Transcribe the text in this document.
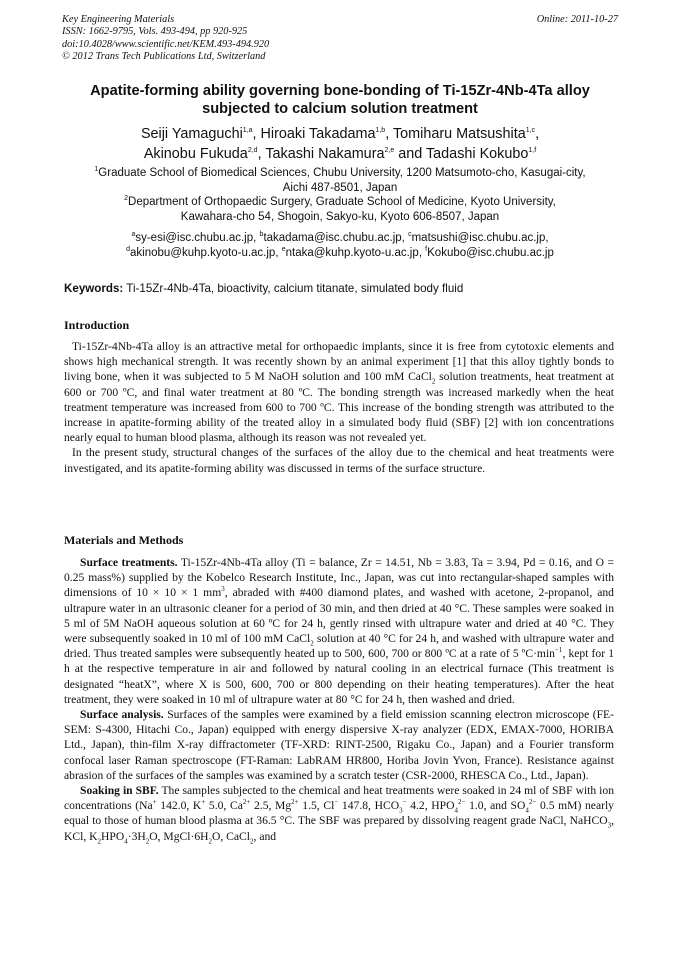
Key Engineering Materials
ISSN: 1662-9795, Vols. 493-494, pp 920-925
doi:10.4028/www.scientific.net/KEM.493-494.920
© 2012 Trans Tech Publications Ltd, Switzerland
Online: 2011-10-27
Apatite-forming ability governing bone-bonding of Ti-15Zr-4Nb-4Ta alloy
subjected to calcium solution treatment
Seiji Yamaguchi$^{1,a}$, Hiroaki Takadama$^{1,b}$, Tomiharu Matsushita$^{1,c}$,
Akinobu Fukuda$^{2,d}$, Takashi Nakamura$^{2,e}$ and Tadashi Kokubo$^{1,f}$
$^1$Graduate School of Biomedical Sciences, Chubu University, 1200 Matsumoto-cho, Kasugai-city,
Aichi 487-8501, Japan
$^2$Department of Orthopaedic Surgery, Graduate School of Medicine, Kyoto University,
Kawahara-cho 54, Shogoin, Sakyo-ku, Kyoto 606-8507, Japan
$^a$sy-esi@isc.chubu.ac.jp, $^b$takadama@isc.chubu.ac.jp, $^c$matsushi@isc.chubu.ac.jp,
$^d$akinobu@kuhp.kyoto-u.ac.jp, $^e$ntaka@kuhp.kyoto-u.ac.jp, $^f$Kokubo@isc.chubu.ac.jp
Keywords: Ti-15Zr-4Nb-4Ta, bioactivity, calcium titanate, simulated body fluid
Introduction

Ti-15Zr-4Nb-4Ta alloy is an attractive metal for orthopaedic implants, since it is free from cytotoxic elements and shows high mechanical strength. It was recently shown by an animal experiment [1] that this alloy tightly bonds to living bone, when it was subjected to 5 M NaOH solution and 100 mM CaCl$_2$ solution treatments, heat treatment at 600 or 700 ºC, and final water treatment at 80 ºC. The bonding strength was increased markedly when the heat treatment temperature was increased from 600 to 700 ºC. This increase of the bonding strength was attributed to the increase in apatite-forming ability of the treated alloy in a simulated body fluid (SBF) [2] with ion concentrations nearly equal to human blood plasma, although its reason was not revealed yet.

In the present study, structural changes of the surfaces of the alloy due to the chemical and heat treatments were investigated, and its apatite-forming ability was discussed in terms of the surface structure.

Materials and Methods

Surface treatments. Ti-15Zr-4Nb-4Ta alloy (Ti = balance, Zr = 14.51, Nb = 3.83, Ta = 3.94, Pd = 0.16, and O = 0.25 mass%) supplied by the Kobelco Research Institute, Inc., Japan, was cut into rectangular-shaped samples with dimensions of 10 × 10 × 1 $mm^3$, abraded with #400 diamond plates, and washed with acetone, 2-propanol, and ultrapure water in an ultrasonic cleaner for a period of 30 min, and then dried at 40 °C. These samples were soaked in 5 ml of 5M NaOH aqueous solution at 60 ºC for 24 h, gently rinsed with ultrapure water and dried at 40 °C. They were subsequently soaked in 10 ml of 100 mM CaCl$_2$ solution at 40 °C for 24 h, and washed with ultrapure water and dried. Thus treated samples were subsequently heated up to 500, 600, 700 or 800 ºC at a rate of 5 $ºC\cdot\min^{-1}$, kept for 1 h at the respective temperature in air and followed by natural cooling in an electrical furnace (This treatment is designated “heatX”, where X is 500, 600, 700 or 800 depending on their heating temperatures). After the heat treatment, they were soaked in 10 ml of ultrapure water at 80 °C for 24 h, then washed and dried.

Surface analysis. Surfaces of the samples were examined by a field emission scanning electron microscope (FE-SEM: S-4300, Hitachi Co., Japan) equipped with energy dispersive X-ray analyzer (EDX, EMAX-7000, HORIBA Ltd., Japan), thin-film X-ray diffractometer (TF-XRD: RINT-2500, Rigaku Co., Japan) and a Fourier transform confocal laser Raman spectroscope (FT-Raman: LabRAM HR800, Horiba Jovin Yvon, France). Resistance against abrasion of the surfaces of the samples was examined by a scratch tester (CSR-2000, RHESCA Co., Ltd., Japan).

Soaking in SBF. The samples subjected to the chemical and heat treatments were soaked in 24 ml of SBF with ion concentrations (Na+ 142.0, K+ 5.0, $Ca^{2+}$ 2.5, $Mg^{2+}$ 1.5, Cl− 147.8, $HCO_3^-$ 4.2, $HPO_4^{2-}$ 1.0, and $SO_4^{2-}$ 0.5 mM) nearly equal to those of human blood plasma at 36.5 °C. The SBF was prepared by dissolving reagent grade NaCl, NaHCO$_3$, KCl, $K_2HPO_4\cdot 3H_2O$, $MgCl\cdot 6H_2O$, CaCl$_2$, and
